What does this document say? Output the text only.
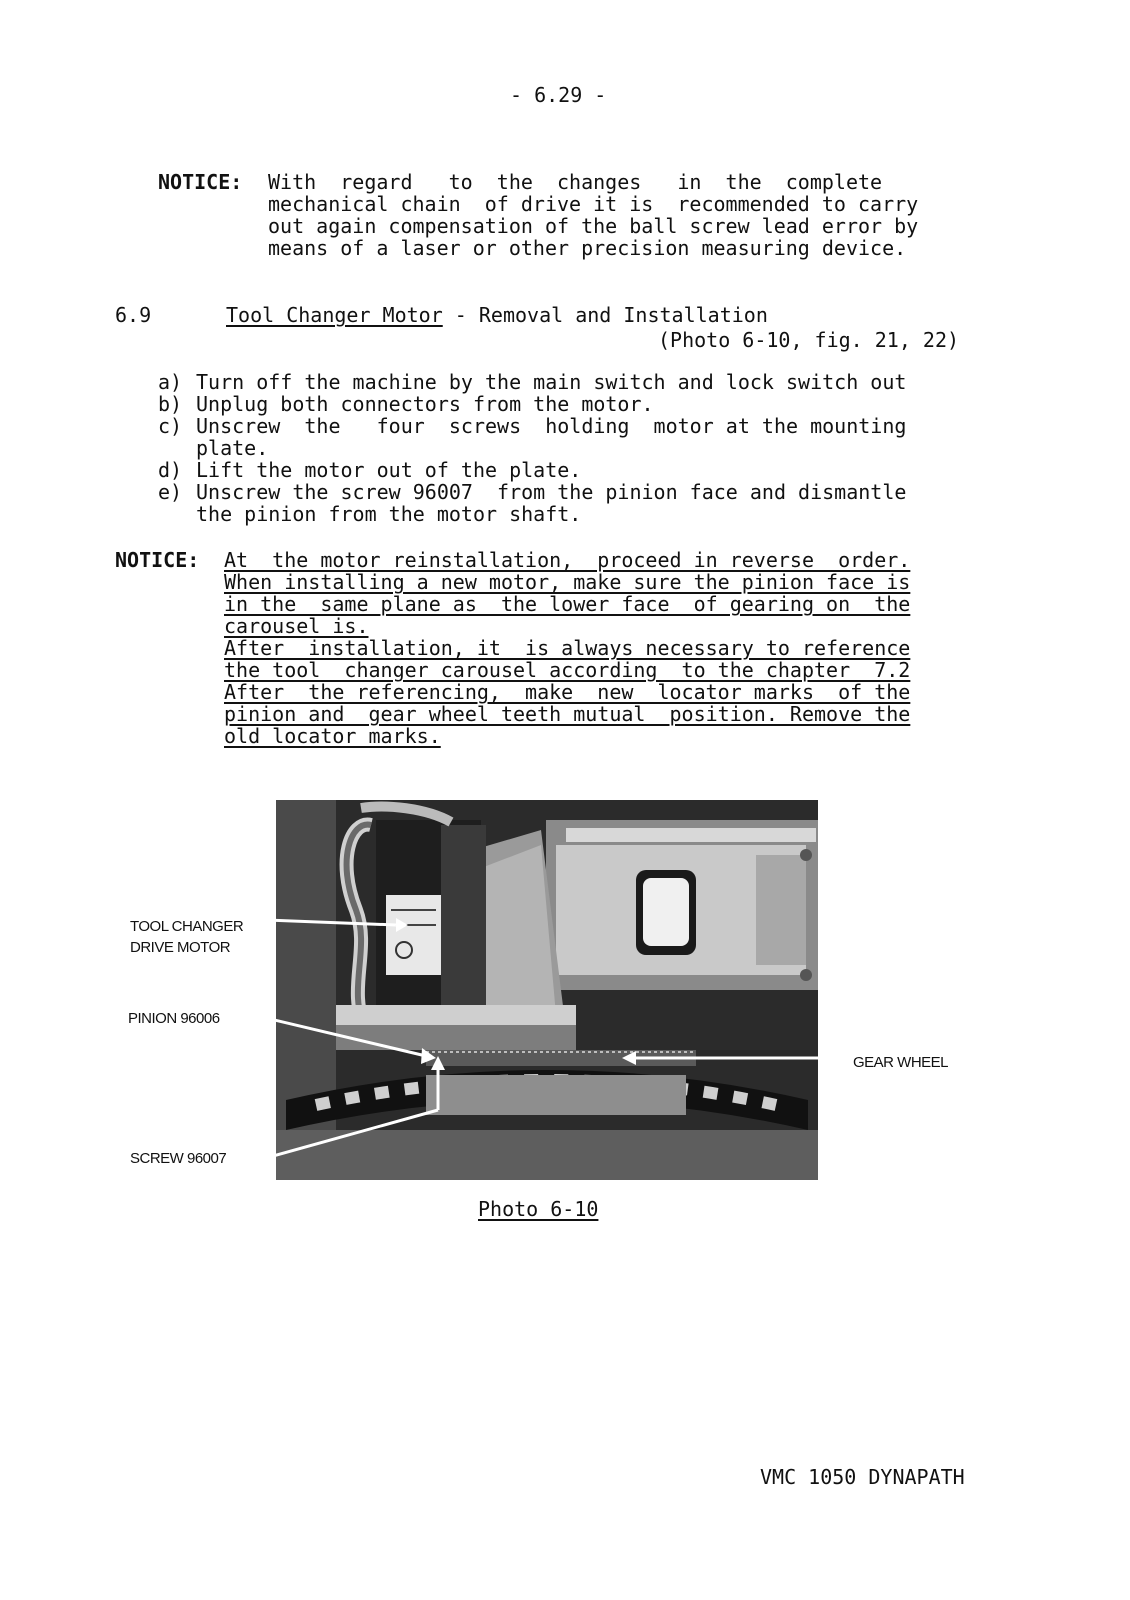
- 6.29 -
NOTICE: With  regard   to  the  changes   in  the  complete
mechanical chain  of drive it is  recommended to carry
out again compensation of the ball screw lead error by
means of a laser or other precision measuring device.
6.9	Tool Changer Motor - Removal and Installation
(Photo 6-10, fig. 21, 22)
a) Turn off the machine by the main switch and lock switch out
b) Unplug both connectors from the motor.
c) Unscrew  the   four  screws  holding  motor at the mounting
plate.
d) Lift the motor out of the plate.
e) Unscrew the screw 96007  from the pinion face and dismantle
the pinion from the motor shaft.
NOTICE: At  the motor reinstallation,  proceed in reverse  order.
When installing a new motor, make sure the pinion face is
in the  same plane as  the lower face  of gearing on  the
carousel is.
After  installation, it  is always necessary to reference
the tool  changer carousel according  to the chapter  7.2
After  the referencing,  make  new  locator marks  of the
pinion and  gear wheel teeth mutual  position. Remove the
old locator marks.
TOOL CHANGER
DRIVE MOTOR
PINION 96006
SCREW 96007
GEAR WHEEL
Photo 6-10
VMC 1050 DYNAPATH
